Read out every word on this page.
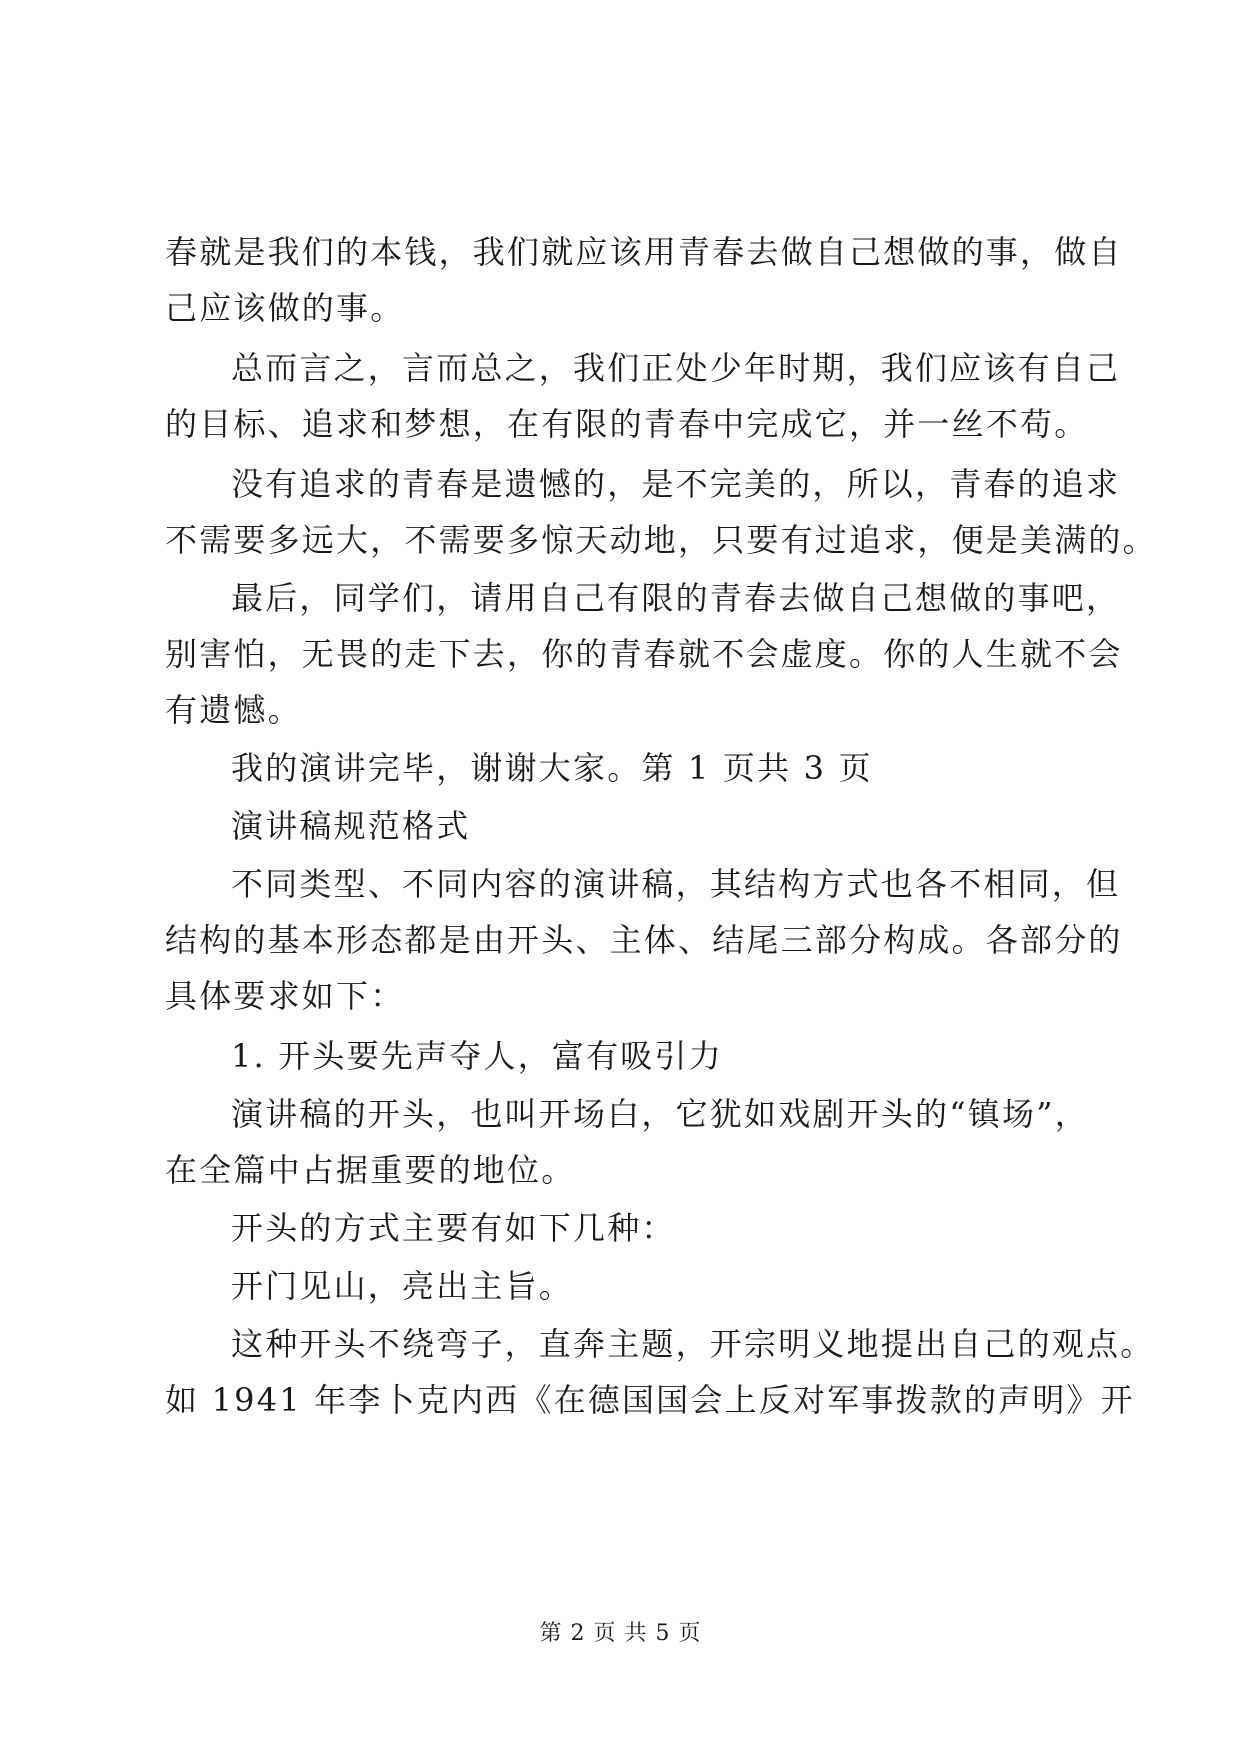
春就是我们的本钱，我们就应该用青春去做自己想做的事，做自
己应该做的事。
总而言之，言而总之，我们正处少年时期，我们应该有自己
的目标、追求和梦想，在有限的青春中完成它，并一丝不苟。
没有追求的青春是遗憾的，是不完美的，所以，青春的追求
不需要多远大，不需要多惊天动地，只要有过追求，便是美满的。
最后，同学们，请用自己有限的青春去做自己想做的事吧，
别害怕，无畏的走下去，你的青春就不会虚度。你的人生就不会
有遗憾。
我的演讲完毕，谢谢大家。第 1 页共 3 页
演讲稿规范格式
不同类型、不同内容的演讲稿，其结构方式也各不相同，但
结构的基本形态都是由开头、主体、结尾三部分构成。各部分的
具体要求如下：
1. 开头要先声夺人，富有吸引力
演讲稿的开头，也叫开场白，它犹如戏剧开头的“镇场”，
在全篇中占据重要的地位。
开头的方式主要有如下几种：
开门见山，亮出主旨。
这种开头不绕弯子，直奔主题，开宗明义地提出自己的观点。
如 1941 年李卜克内西《在德国国会上反对军事拨款的声明》开
第 2 页 共 5 页
